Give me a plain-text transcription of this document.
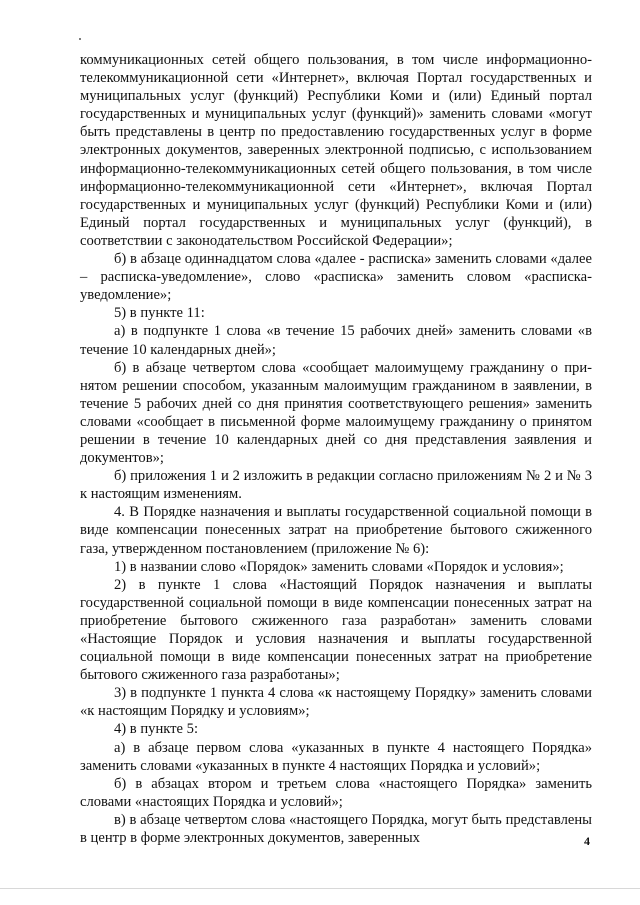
коммуникационных сетей общего пользования, в том числе информационно-телекоммуникационной сети «Интернет», включая Портал государственных и муниципальных услуг (функций) Республики Коми и (или) Единый портал государственных и муниципальных услуг (функций)» заменить словами «могут быть представлены в центр по предоставлению государственных услуг в форме электронных документов, заверенных электронной подписью, с использованием информационно-телекоммуникационных сетей общего пользования, в том числе информационно-телекоммуникационной сети «Интернет», включая Портал государственных и муниципальных услуг (функций) Республики Коми и (или) Единый портал государственных и муниципальных услуг (функций), в соответствии с законодательством Российской Федерации»;

б) в абзаце одиннадцатом слова «далее - расписка» заменить словами «далее – расписка-уведомление», слово «расписка» заменить словом «расписка-уведомление»;

5) в пункте 11:

а) в подпункте 1 слова «в течение 15 рабочих дней» заменить словами «в течение 10 календарных дней»;

б) в абзаце четвертом слова «сообщает малоимущему гражданину о принятом решении способом, указанным малоимущим гражданином в заявлении, в течение 5 рабочих дней со дня принятия соответствующего решения» заменить словами «сообщает в письменной форме малоимущему гражданину о принятом решении в течение 10 календарных дней со дня представления заявления и документов»;

б) приложения 1 и 2 изложить в редакции согласно приложениям № 2 и № 3 к настоящим изменениям.

4. В Порядке назначения и выплаты государственной социальной помощи в виде компенсации понесенных затрат на приобретение бытового сжиженного газа, утвержденном постановлением (приложение № 6):

1) в названии слово «Порядок» заменить словами «Порядок и условия»;

2) в пункте 1 слова «Настоящий Порядок назначения и выплаты государственной социальной помощи в виде компенсации понесенных затрат на приобретение бытового сжиженного газа разработан» заменить словами «Настоящие Порядок и условия назначения и выплаты государственной социальной помощи в виде компенсации понесенных затрат на приобретение бытового сжиженного газа разработаны»;

3) в подпункте 1 пункта 4 слова «к настоящему Порядку» заменить словами «к настоящим Порядку и условиям»;

4) в пункте 5:

а) в абзаце первом слова «указанных в пункте 4 настоящего Порядка» заменить словами «указанных в пункте 4 настоящих Порядка и условий»;

б) в абзацах втором и третьем слова «настоящего Порядка» заменить словами «настоящих Порядка и условий»;

в) в абзаце четвертом слова «настоящего Порядка, могут быть представлены в центр в форме электронных документов, заверенных	4
